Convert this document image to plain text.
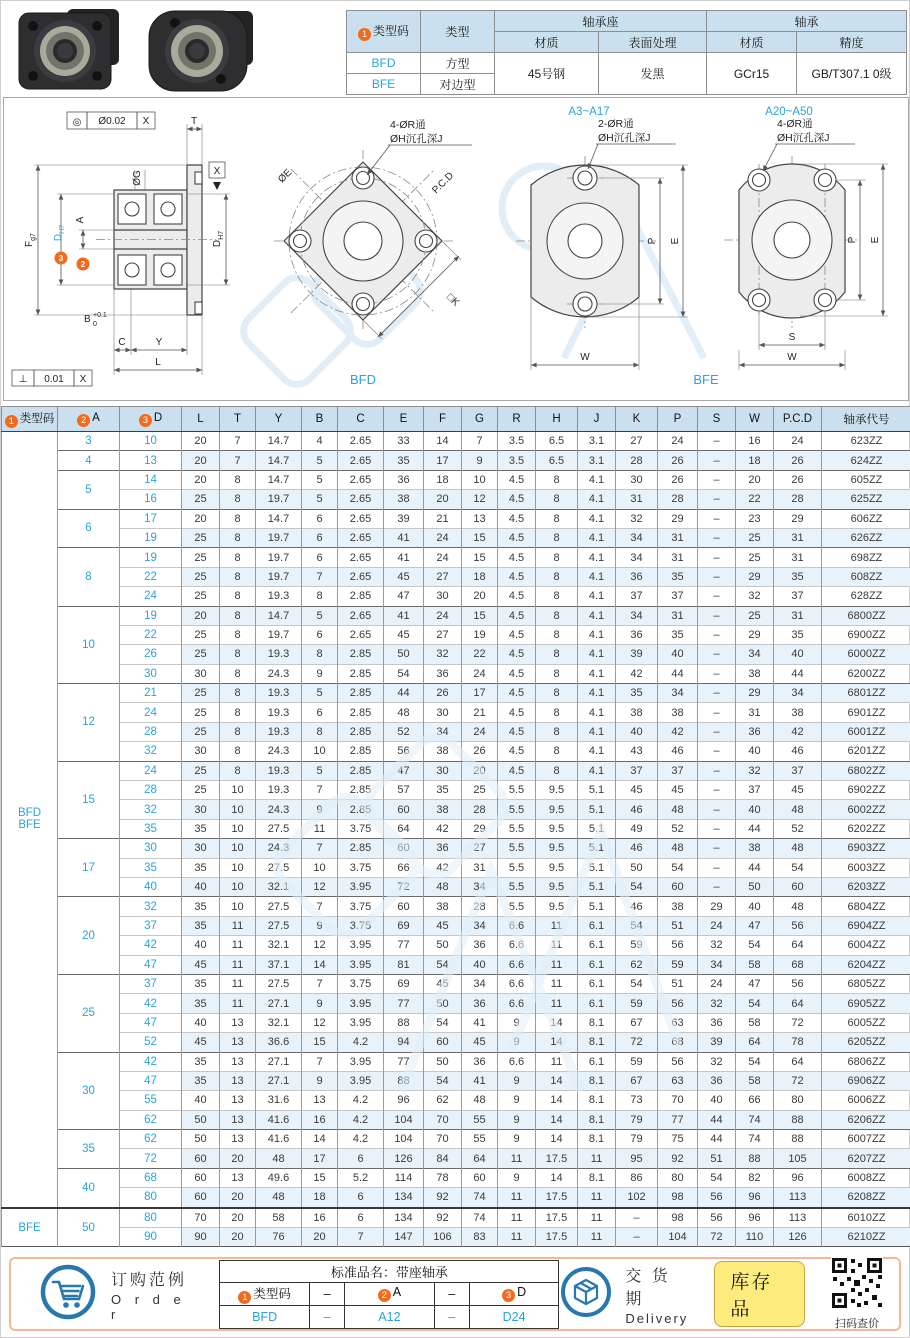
1 类型码	类型	轴承座		轴承	
		材质	表面处理	材质	精度
BFD	方型	45号钢	发黑	GCr15	GB/T307.1 0级
BFE	对边型				
◎ Ø0.02 X
ØG
T
X
$F_{g7}$
3
$D_{H7}$
2
A
$D_{H7}$
B +0.1
0
C	Y
L
⊥ 0.01 X
4-ØR通
ØH沉孔深J
ØE	P.C.D
□K
BFD
A3~A17	A20~A50
2-ØR通
ØH沉孔深J
P E
W
4-ØR通
ØH沉孔深J
P E
S
W
BFE
1 类型码	2 A	3 D	L	T	Y	B	C	E	F	G	R	H	J	K	P	S	W	P.C.D	轴承代号
BFD
BFE	3	10	20	7	14.7	4	2.65	33	14	7	3.5	6.5	3.1	27	24	–	16	24	623ZZ
	4	13	20	7	14.7	5	2.65	35	17	9	3.5	6.5	3.1	28	26	–	18	26	624ZZ
	5	14	20	8	14.7	5	2.65	36	18	10	4.5	8	4.1	30	26	–	20	26	605ZZ
		16	25	8	19.7	5	2.65	38	20	12	4.5	8	4.1	31	28	–	22	28	625ZZ
	6	17	20	8	14.7	6	2.65	39	21	13	4.5	8	4.1	32	29	–	23	29	606ZZ
		19	25	8	19.7	6	2.65	41	24	15	4.5	8	4.1	34	31	–	25	31	626ZZ
	8	19	25	8	19.7	6	2.65	41	24	15	4.5	8	4.1	34	31	–	25	31	698ZZ
		22	25	8	19.7	7	2.65	45	27	18	4.5	8	4.1	36	35	–	29	35	608ZZ
		24	25	8	19.3	8	2.85	47	30	20	4.5	8	4.1	37	37	–	32	37	628ZZ
	10	19	20	8	14.7	5	2.65	41	24	15	4.5	8	4.1	34	31	–	25	31	6800ZZ
		22	25	8	19.7	6	2.65	45	27	19	4.5	8	4.1	36	35	–	29	35	6900ZZ
		26	25	8	19.3	8	2.85	50	32	22	4.5	8	4.1	39	40	–	34	40	6000ZZ
		30	30	8	24.3	9	2.85	54	36	24	4.5	8	4.1	42	44	–	38	44	6200ZZ
	12	21	25	8	19.3	5	2.85	44	26	17	4.5	8	4.1	35	34	–	29	34	6801ZZ
		24	25	8	19.3	6	2.85	48	30	21	4.5	8	4.1	38	38	–	31	38	6901ZZ
		28	25	8	19.3	8	2.85	52	34	24	4.5	8	4.1	40	42	–	36	42	6001ZZ
		32	30	8	24.3	10	2.85	56	38	26	4.5	8	4.1	43	46	–	40	46	6201ZZ
	15	24	25	8	19.3	5	2.85	47	30	20	4.5	8	4.1	37	37	–	32	37	6802ZZ
		28	25	10	19.3	7	2.85	57	35	25	5.5	9.5	5.1	45	45	–	37	45	6902ZZ
		32	30	10	24.3	9	2.85	60	38	28	5.5	9.5	5.1	46	48	–	40	48	6002ZZ
		35	35	10	27.5	11	3.75	64	42	29	5.5	9.5	5.1	49	52	–	44	52	6202ZZ
	17	30	30	10	24.3	7	2.85	60	36	27	5.5	9.5	5.1	46	48	–	38	48	6903ZZ
		35	35	10	27.5	10	3.75	66	42	31	5.5	9.5	5.1	50	54	–	44	54	6003ZZ
		40	40	10	32.1	12	3.95	72	48	34	5.5	9.5	5.1	54	60	–	50	60	6203ZZ
	20	32	35	10	27.5	7	3.75	60	38	28	5.5	9.5	5.1	46	38	29	40	48	6804ZZ
		37	35	11	27.5	9	3.75	69	45	34	6.6	11	6.1	54	51	24	47	56	6904ZZ
		42	40	11	32.1	12	3.95	77	50	36	6.6	11	6.1	59	56	32	54	64	6004ZZ
		47	45	11	37.1	14	3.95	81	54	40	6.6	11	6.1	62	59	34	58	68	6204ZZ
	25	37	35	11	27.5	7	3.75	69	45	34	6.6	11	6.1	54	51	24	47	56	6805ZZ
		42	35	11	27.1	9	3.95	77	50	36	6.6	11	6.1	59	56	32	54	64	6905ZZ
		47	40	13	32.1	12	3.95	88	54	41	9	14	8.1	67	63	36	58	72	6005ZZ
		52	45	13	36.6	15	4.2	94	60	45	9	14	8.1	72	68	39	64	78	6205ZZ
	30	42	35	13	27.1	7	3.95	77	50	36	6.6	11	6.1	59	56	32	54	64	6806ZZ
		47	35	13	27.1	9	3.95	88	54	41	9	14	8.1	67	63	36	58	72	6906ZZ
		55	40	13	31.6	13	4.2	96	62	48	9	14	8.1	73	70	40	66	80	6006ZZ
		62	50	13	41.6	16	4.2	104	70	55	9	14	8.1	79	77	44	74	88	6206ZZ
	35	62	50	13	41.6	14	4.2	104	70	55	9	14	8.1	79	75	44	74	88	6007ZZ
		72	60	20	48	17	6	126	84	64	11	17.5	11	95	92	51	88	105	6207ZZ
	40	68	60	13	49.6	15	5.2	114	78	60	9	14	8.1	86	80	54	82	96	6008ZZ
		80	60	20	48	18	6	134	92	74	11	17.5	11	102	98	56	96	113	6208ZZ
BFE	50	80	70	20	58	16	6	134	92	74	11	17.5	11	–	98	56	96	113	6010ZZ
		90	90	20	76	20	7	147	106	83	11	17.5	11	–	104	72	110	126	6210ZZ
订购范例
O r d e r
标准品名：带座轴承				
1 类型码	–	2 A	–	3 D
BFD	–	A12	–	D24
交 货 期
Delivery
库存品
扫码查价
